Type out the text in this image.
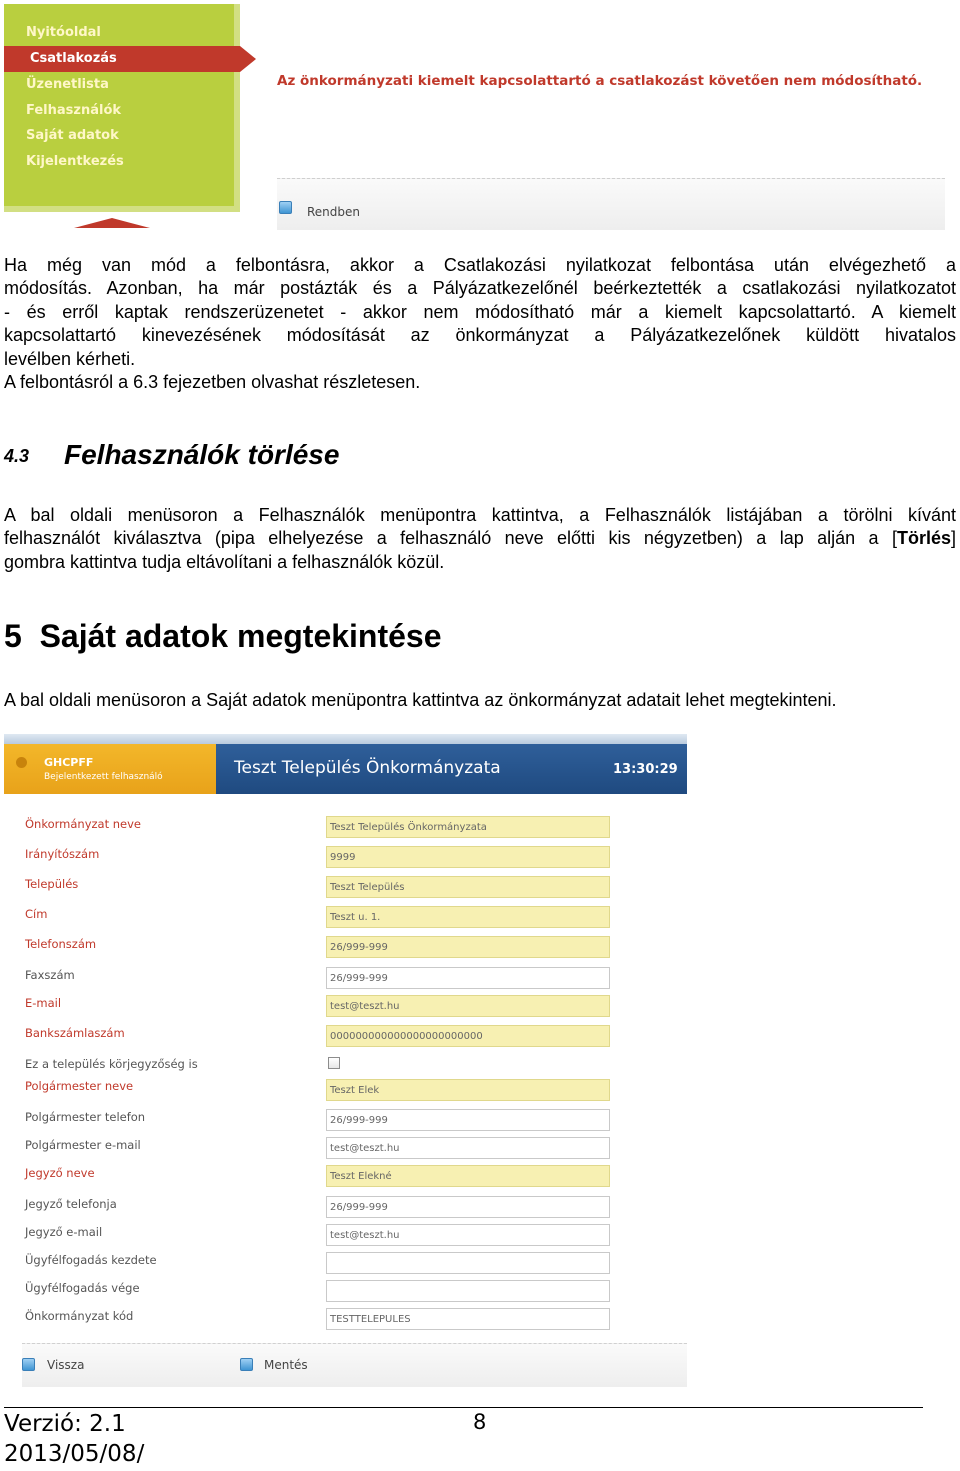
Nyitóoldal
Csatlakozás
Üzenetlista
Felhasználók
Saját adatok
Kijelentkezés
Az önkormányzati kiemelt kapcsolattartó a csatlakozást követően nem módosítható.
Rendben
Ha még van mód a felbontásra, akkor a Csatlakozási nyilatkozat felbontása után elvégezhető a
módosítás. Azonban, ha már postázták és a Pályázatkezelőnél beérkeztették a csatlakozási nyilatkozatot
- és erről kaptak rendszerüzenetet - akkor nem módosítható már a kiemelt kapcsolattartó. A kiemelt
kapcsolattartó kinevezésének módosítását az önkormányzat a Pályázatkezelőnek küldött hivatalos
levélben kérheti.
A felbontásról a 6.3 fejezetben olvashat részletesen.
4.3 Felhasználók törlése
A bal oldali menüsoron a Felhasználók menüpontra kattintva, a Felhasználók listájában a törölni kívánt
felhasználót kiválasztva (pipa elhelyezése a felhasználó neve előtti kis négyzetben) a lap alján a [Törlés]
gombra kattintva tudja eltávolítani a felhasználók közül.
5 Saját adatok megtekintése
A bal oldali menüsoron a Saját adatok menüpontra kattintva az önkormányzat adatait lehet megtekinteni.
GHCPFF
Bejelentkezett felhasználó	Teszt Település Önkormányzata	13:30:29
Önkormányzat neve	Teszt Település Önkormányzata
Irányítószám	9999
Település	Teszt Település
Cím	Teszt u. 1.
Telefonszám	26/999-999
Faxszám	26/999-999
E-mail	test@teszt.hu
Bankszámlaszám	000000000000000000000000
Ez a település körjegyzőség is
Polgármester neve	Teszt Elek
Polgármester telefon	26/999-999
Polgármester e-mail	test@teszt.hu
Jegyző neve	Teszt Elekné
Jegyző telefonja	26/999-999
Jegyző e-mail	test@teszt.hu
Ügyfélfogadás kezdete
Ügyfélfogadás vége
Önkormányzat kód	TESTTELEPULES
Vissza	Mentés
Verzió: 2.1
2013/05/08/
8
